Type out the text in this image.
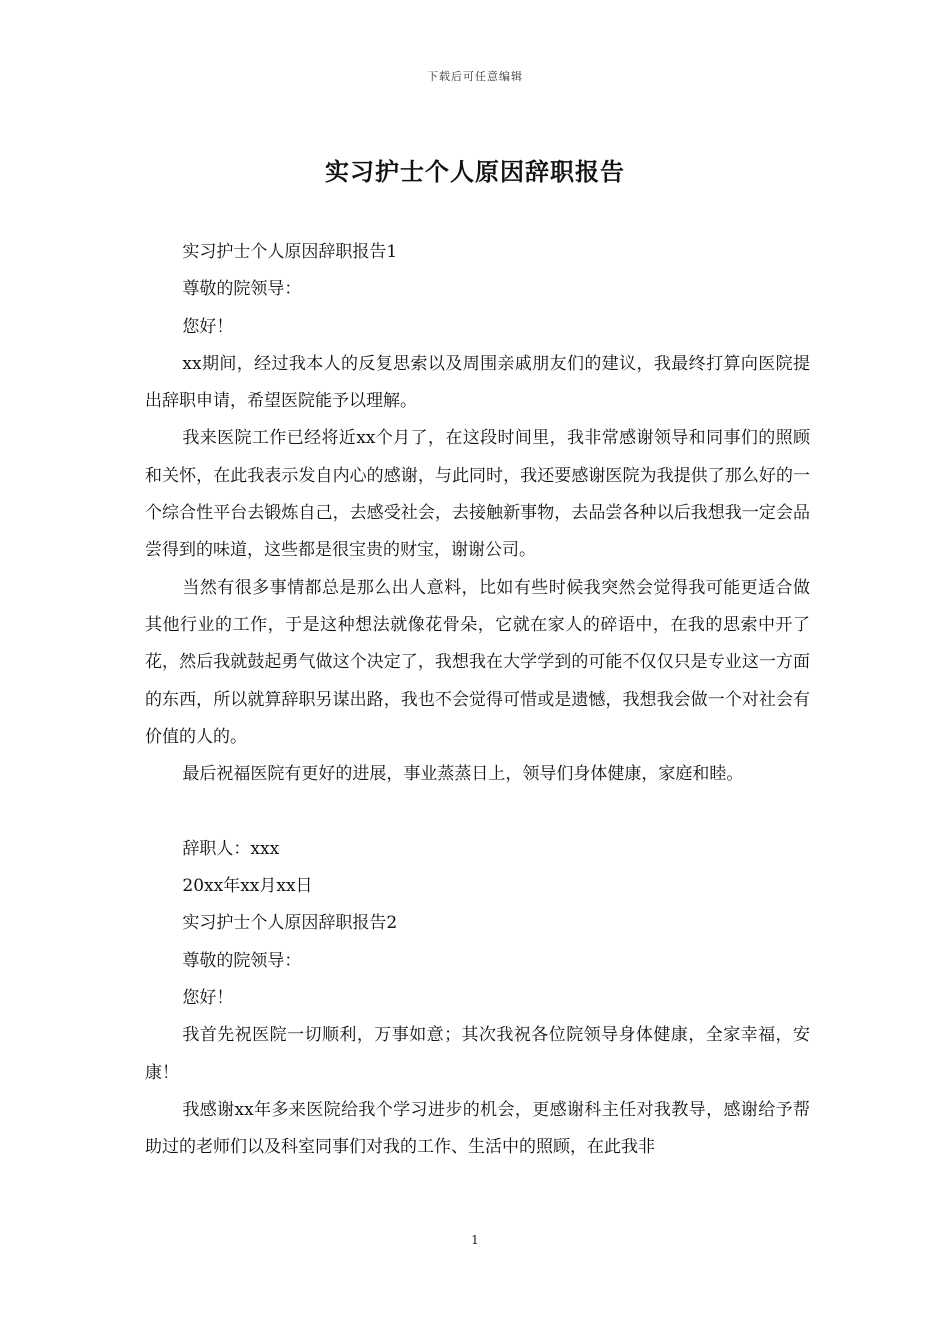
下载后可任意编辑
实习护士个人原因辞职报告

实习护士个人原因辞职报告1

尊敬的院领导：

您好！

xx期间，经过我本人的反复思索以及周围亲戚朋友们的建议，我最终打算向医院提出辞职申请，希望医院能予以理解。

我来医院工作已经将近xx个月了，在这段时间里，我非常感谢领导和同事们的照顾和关怀，在此我表示发自内心的感谢，与此同时，我还要感谢医院为我提供了那么好的一个综合性平台去锻炼自己，去感受社会，去接触新事物，去品尝各种以后我想我一定会品尝得到的味道，这些都是很宝贵的财宝，谢谢公司。

当然有很多事情都总是那么出人意料，比如有些时候我突然会觉得我可能更适合做其他行业的工作，于是这种想法就像花骨朵，它就在家人的碎语中，在我的思索中开了花，然后我就鼓起勇气做这个决定了，我想我在大学学到的可能不仅仅只是专业这一方面的东西，所以就算辞职另谋出路，我也不会觉得可惜或是遗憾，我想我会做一个对社会有价值的人的。

最后祝福医院有更好的进展，事业蒸蒸日上，领导们身体健康，家庭和睦。

辞职人：xxx

20xx年xx月xx日

实习护士个人原因辞职报告2

尊敬的院领导：

您好！

我首先祝医院一切顺利，万事如意；其次我祝各位院领导身体健康，全家幸福，安康！

我感谢xx年多来医院给我个学习进步的机会，更感谢科主任对我教导，感谢给予帮助过的老师们以及科室同事们对我的工作、生活中的照顾，在此我非

1
